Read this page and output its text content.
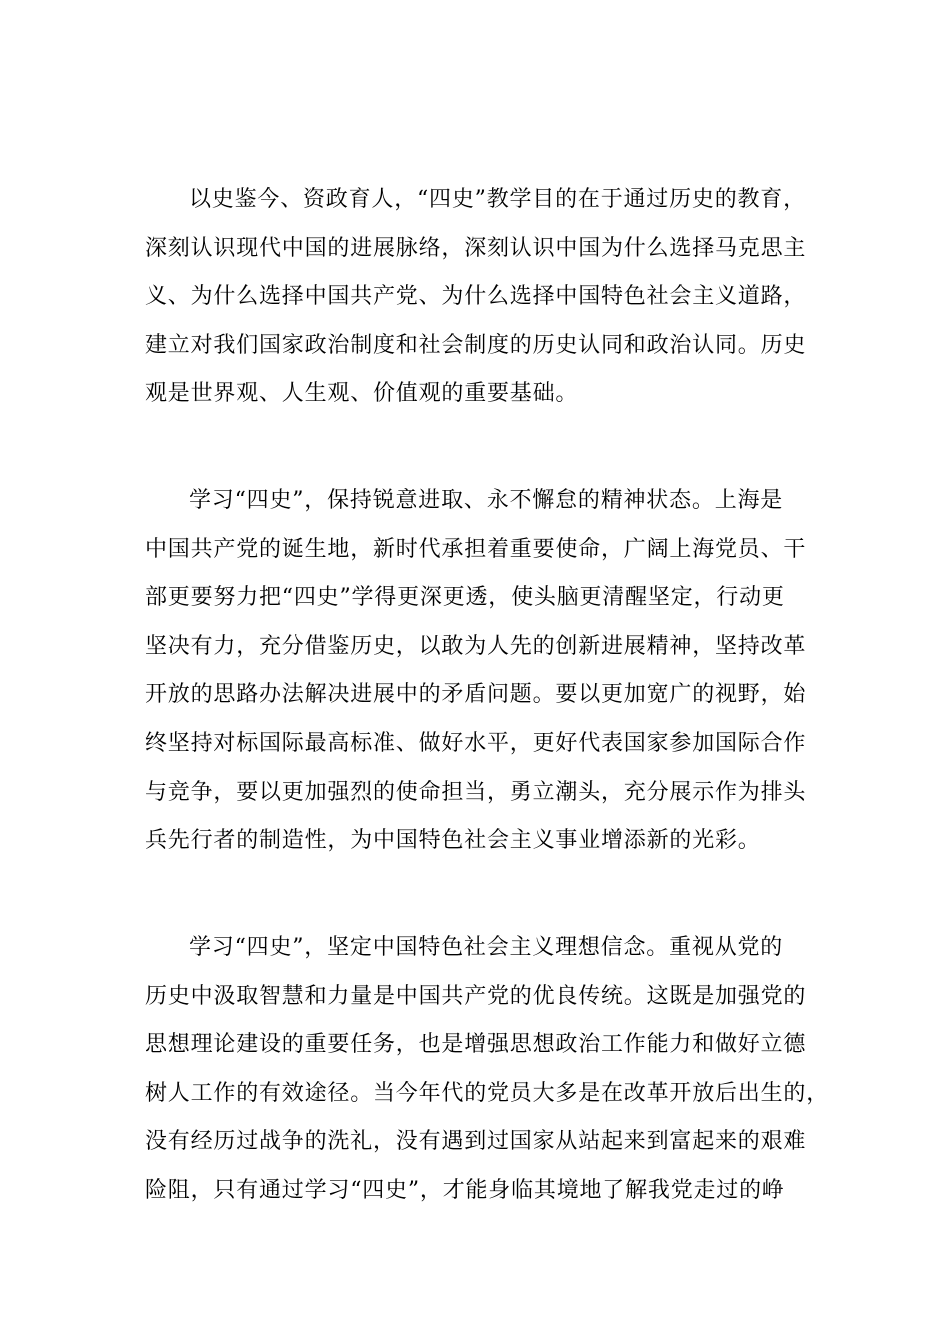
以史鉴今、资政育人，“四史”教学目的在于通过历史的教育，
深刻认识现代中国的进展脉络，深刻认识中国为什么选择马克思主
义、为什么选择中国共产党、为什么选择中国特色社会主义道路，
建立对我们国家政治制度和社会制度的历史认同和政治认同。历史
观是世界观、人生观、价值观的重要基础。

学习“四史”，保持锐意进取、永不懈怠的精神状态。上海是
中国共产党的诞生地，新时代承担着重要使命，广阔上海党员、干
部更要努力把“四史”学得更深更透，使头脑更清醒坚定，行动更
坚决有力，充分借鉴历史，以敢为人先的创新进展精神，坚持改革
开放的思路办法解决进展中的矛盾问题。要以更加宽广的视野，始
终坚持对标国际最高标准、做好水平，更好代表国家参加国际合作
与竞争，要以更加强烈的使命担当，勇立潮头，充分展示作为排头
兵先行者的制造性，为中国特色社会主义事业增添新的光彩。

学习“四史”，坚定中国特色社会主义理想信念。重视从党的
历史中汲取智慧和力量是中国共产党的优良传统。这既是加强党的
思想理论建设的重要任务，也是增强思想政治工作能力和做好立德
树人工作的有效途径。当今年代的党员大多是在改革开放后出生的，
没有经历过战争的洗礼，没有遇到过国家从站起来到富起来的艰难
险阻，只有通过学习“四史”，才能身临其境地了解我党走过的峥
